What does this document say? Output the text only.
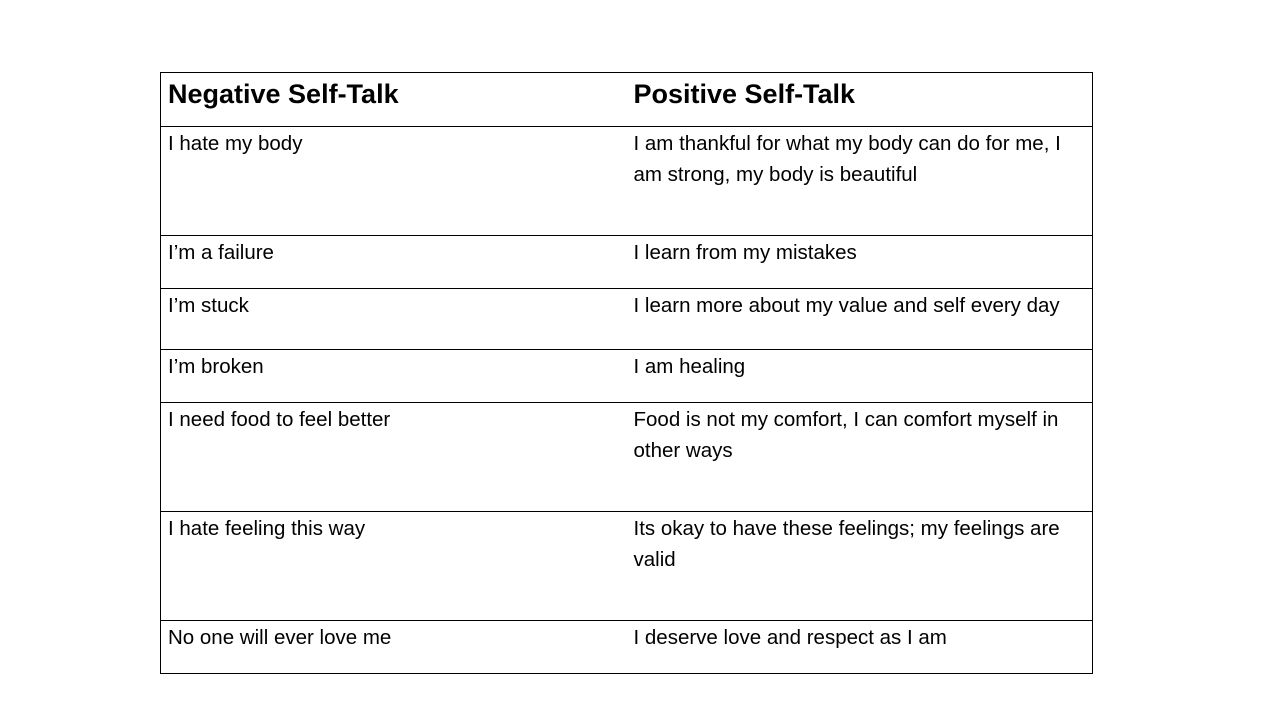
Negative Self-Talk	Positive Self-Talk

I hate my body	I am thankful for what my body can do for me, I am strong, my body is beautiful

I’m a failure	I learn from my mistakes

I’m stuck	I learn more about my value and self every day

I’m broken	I am healing

I need food to feel better	Food is not my comfort, I can comfort myself in other ways

I hate feeling this way	Its okay to have these feelings; my feelings are valid

No one will ever love me	I deserve love and respect as I am
